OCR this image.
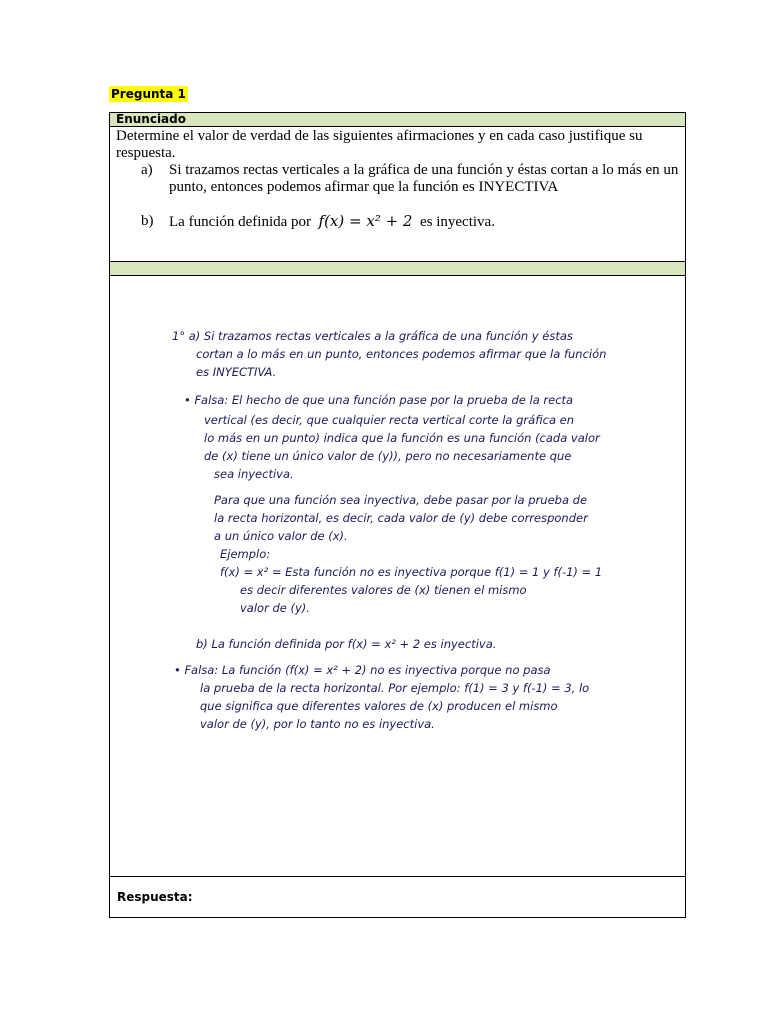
Pregunta 1
Enunciado

Determine el valor de verdad de las siguientes afirmaciones y en cada caso justifique su respuesta.

a)	Si trazamos rectas verticales a la gráfica de una función y éstas cortan a lo más en un punto, entonces podemos afirmar que la función es INYECTIVA
b)	La función definida por f(x) = x² + 2 es inyectiva.

1° a) Si trazamos rectas verticales a la gráfica de una función y éstas
cortan a lo más en un punto, entonces podemos afirmar que la función
es INYECTIVA.
• Falsa: El hecho de que una función pase por la prueba de la recta
vertical (es decir, que cualquier recta vertical corte la gráfica en
lo más en un punto) indica que la función es una función (cada valor
de (x) tiene un único valor de (y)), pero no necesariamente que
sea inyectiva.
Para que una función sea inyectiva, debe pasar por la prueba de
la recta horizontal, es decir, cada valor de (y) debe corresponder
a un único valor de (x).
Ejemplo:
f(x) = x² = Esta función no es inyectiva porque f(1) = 1 y f(-1) = 1
es decir diferentes valores de (x) tienen el mismo
valor de (y).
b) La función definida por f(x) = x² + 2 es inyectiva.
• Falsa: La función (f(x) = x² + 2) no es inyectiva porque no pasa
la prueba de la recta horizontal. Por ejemplo: f(1) = 3 y f(-1) = 3, lo
que significa que diferentes valores de (x) producen el mismo
valor de (y), por lo tanto no es inyectiva.

Respuesta:
